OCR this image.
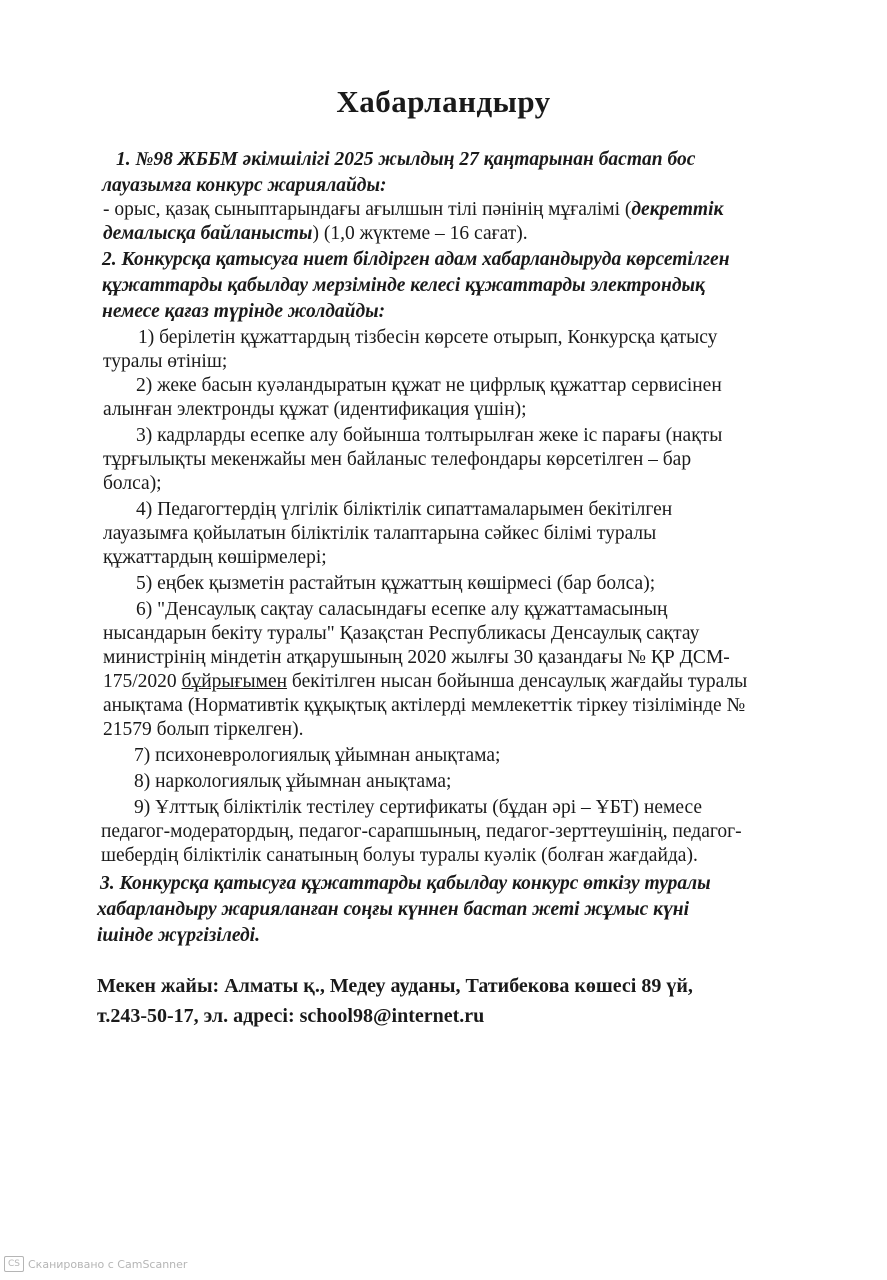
Хабарландыру
1. №98 ЖББМ әкімшілігі 2025 жылдың 27 қаңтарынан бастап бос
лауазымға конкурс жариялайды:
- орыс, қазақ сыныптарындағы ағылшын тілі пәнінің мұғалімі (декреттік
демалысқа байланысты) (1,0 жүктеме – 16 сағат).
2. Конкурсқа қатысуға ниет білдірген адам хабарландыруда көрсетілген
құжаттарды қабылдау мерзімінде келесі құжаттарды электрондық
немесе қағаз түрінде жолдайды:
1) берілетін құжаттардың тізбесін көрсете отырып, Конкурсқа қатысу
туралы өтініш;
2) жеке басын куәландыратын құжат не цифрлық құжаттар сервисінен
алынған электронды құжат (идентификация үшін);
3) кадрларды есепке алу бойынша толтырылған жеке іс парағы (нақты
тұрғылықты мекенжайы мен байланыс телефондары көрсетілген – бар
болса);
4) Педагогтердің үлгілік біліктілік сипаттамаларымен бекітілген
лауазымға қойылатын біліктілік талаптарына сәйкес білімі туралы
құжаттардың көшірмелері;
5) еңбек қызметін растайтын құжаттың көшірмесі (бар болса);
6) "Денсаулық сақтау саласындағы есепке алу құжаттамасының
нысандарын бекіту туралы" Қазақстан Республикасы Денсаулық сақтау
министрінің міндетін атқарушының 2020 жылғы 30 қазандағы № ҚР ДСМ-
175/2020 бұйрығымен бекітілген нысан бойынша денсаулық жағдайы туралы
анықтама (Нормативтік құқықтық актілерді мемлекеттік тіркеу тізілімінде №
21579 болып тіркелген).
7) психоневрологиялық ұйымнан анықтама;
8) наркологиялық ұйымнан анықтама;
9) Ұлттық біліктілік тестілеу сертификаты (бұдан әрі – ҰБТ) немесе
педагог-модератордың, педагог-сарапшының, педагог-зерттеушінің, педагог-
шебердің біліктілік санатының болуы туралы куәлік (болған жағдайда).
3. Конкурсқа қатысуға құжаттарды қабылдау конкурс өткізу туралы
хабарландыру жарияланған соңғы күннен бастап жеті жұмыс күні
ішінде жүргізіледі.
Мекен жайы: Алматы қ., Медеу ауданы, Татибекова көшесі 89 үй,
т.243-50-17, эл. адресі: school98@internet.ru
CS Сканировано с CamScanner
